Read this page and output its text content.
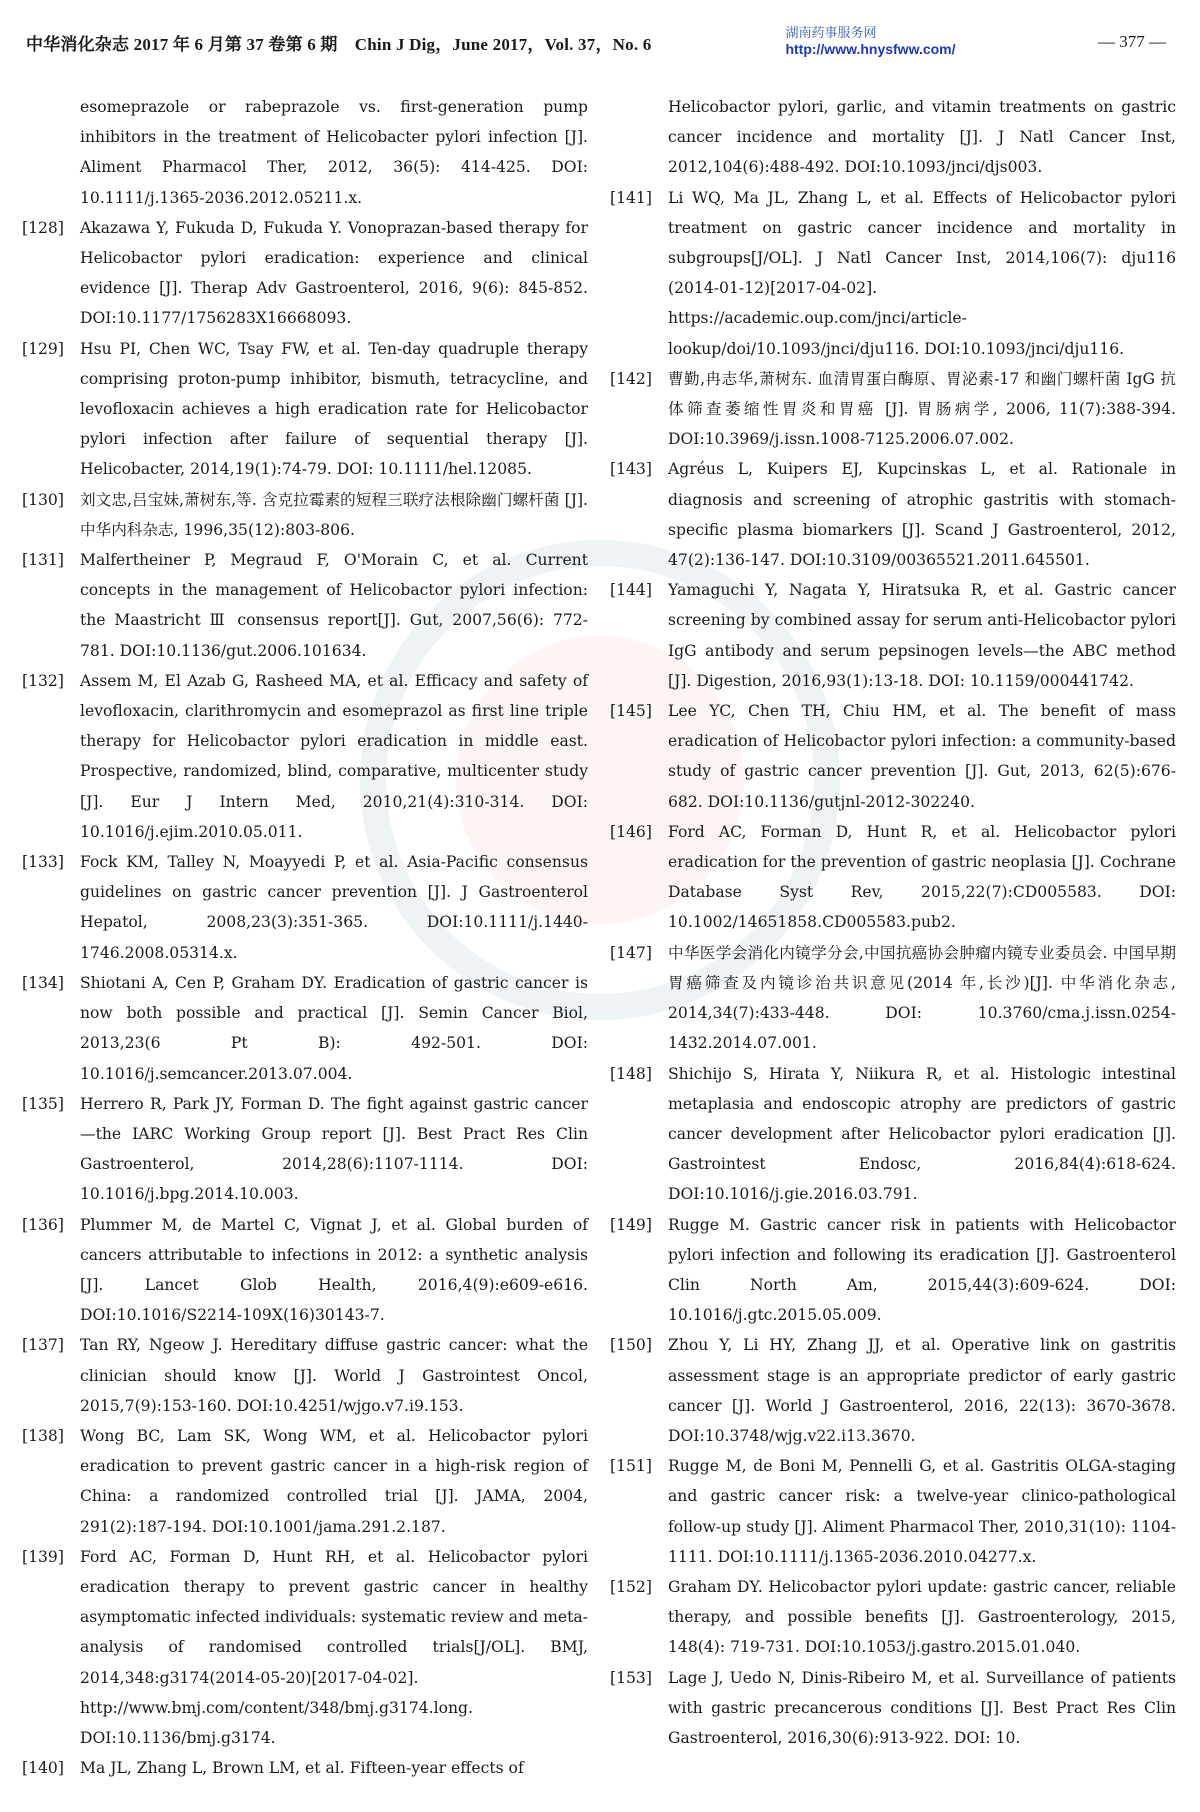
中华消化杂志 2017 年 6 月第 37 卷第 6 期　Chin J Dig，June 2017，Vol. 37，No. 6
湖南药事服务网
http://www.hnysfww.com/	— 377 —
esomeprazole or rabeprazole vs. first-generation pump inhibitors in the treatment of Helicobacter pylori infection [J]. Aliment Pharmacol Ther, 2012, 36(5): 414-425. DOI: 10.1111/j.1365-2036.2012.05211.x.
[128]	Akazawa Y, Fukuda D, Fukuda Y. Vonoprazan-based therapy for Helicobactor pylori eradication: experience and clinical evidence [J]. Therap Adv Gastroenterol, 2016, 9(6): 845-852. DOI:10.1177/1756283X16668093.
[129]	Hsu PI, Chen WC, Tsay FW, et al. Ten-day quadruple therapy comprising proton-pump inhibitor, bismuth, tetracycline, and levofloxacin achieves a high eradication rate for Helicobactor pylori infection after failure of sequential therapy [J]. Helicobacter, 2014,19(1):74-79. DOI: 10.1111/hel.12085.
[130]	刘文忠,吕宝妹,萧树东,等. 含克拉霉素的短程三联疗法根除幽门螺杆菌 [J]. 中华内科杂志, 1996,35(12):803-806.
[131]	Malfertheiner P, Megraud F, O'Morain C, et al. Current concepts in the management of Helicobactor pylori infection: the Maastricht Ⅲ consensus report[J]. Gut, 2007,56(6): 772-781. DOI:10.1136/gut.2006.101634.
[132]	Assem M, El Azab G, Rasheed MA, et al. Efficacy and safety of levofloxacin, clarithromycin and esomeprazol as first line triple therapy for Helicobactor pylori eradication in middle east. Prospective, randomized, blind, comparative, multicenter study [J]. Eur J Intern Med, 2010,21(4):310-314. DOI: 10.1016/j.ejim.2010.05.011.
[133]	Fock KM, Talley N, Moayyedi P, et al. Asia-Pacific consensus guidelines on gastric cancer prevention [J]. J Gastroenterol Hepatol, 2008,23(3):351-365. DOI:10.1111/j.1440-1746.2008.05314.x.
[134]	Shiotani A, Cen P, Graham DY. Eradication of gastric cancer is now both possible and practical [J]. Semin Cancer Biol, 2013,23(6 Pt B): 492-501. DOI: 10.1016/j.semcancer.2013.07.004.
[135]	Herrero R, Park JY, Forman D. The fight against gastric cancer—the IARC Working Group report [J]. Best Pract Res Clin Gastroenterol, 2014,28(6):1107-1114. DOI: 10.1016/j.bpg.2014.10.003.
[136]	Plummer M, de Martel C, Vignat J, et al. Global burden of cancers attributable to infections in 2012: a synthetic analysis [J]. Lancet Glob Health, 2016,4(9):e609-e616. DOI:10.1016/S2214-109X(16)30143-7.
[137]	Tan RY, Ngeow J. Hereditary diffuse gastric cancer: what the clinician should know [J]. World J Gastrointest Oncol, 2015,7(9):153-160. DOI:10.4251/wjgo.v7.i9.153.
[138]	Wong BC, Lam SK, Wong WM, et al. Helicobactor pylori eradication to prevent gastric cancer in a high-risk region of China: a randomized controlled trial [J]. JAMA, 2004, 291(2):187-194. DOI:10.1001/jama.291.2.187.
[139]	Ford AC, Forman D, Hunt RH, et al. Helicobactor pylori eradication therapy to prevent gastric cancer in healthy asymptomatic infected individuals: systematic review and meta-analysis of randomised controlled trials[J/OL]. BMJ, 2014,348:g3174(2014-05-20)[2017-04-02]. http://www.bmj.com/content/348/bmj.g3174.long. DOI:10.1136/bmj.g3174.
[140]	Ma JL, Zhang L, Brown LM, et al. Fifteen-year effects of
Helicobactor pylori, garlic, and vitamin treatments on gastric cancer incidence and mortality [J]. J Natl Cancer Inst, 2012,104(6):488-492. DOI:10.1093/jnci/djs003.
[141]	Li WQ, Ma JL, Zhang L, et al. Effects of Helicobactor pylori treatment on gastric cancer incidence and mortality in subgroups[J/OL]. J Natl Cancer Inst, 2014,106(7): dju116 (2014-01-12)[2017-04-02]. https://academic.oup.com/jnci/article-lookup/doi/10.1093/jnci/dju116. DOI:10.1093/jnci/dju116.
[142]	曹勤,冉志华,萧树东. 血清胃蛋白酶原、胃泌素-17 和幽门螺杆菌 IgG 抗体筛查萎缩性胃炎和胃癌 [J]. 胃肠病学, 2006, 11(7):388-394. DOI:10.3969/j.issn.1008-7125.2006.07.002.
[143]	Agréus L, Kuipers EJ, Kupcinskas L, et al. Rationale in diagnosis and screening of atrophic gastritis with stomach-specific plasma biomarkers [J]. Scand J Gastroenterol, 2012, 47(2):136-147. DOI:10.3109/00365521.2011.645501.
[144]	Yamaguchi Y, Nagata Y, Hiratsuka R, et al. Gastric cancer screening by combined assay for serum anti-Helicobactor pylori IgG antibody and serum pepsinogen levels—the ABC method [J]. Digestion, 2016,93(1):13-18. DOI: 10.1159/000441742.
[145]	Lee YC, Chen TH, Chiu HM, et al. The benefit of mass eradication of Helicobactor pylori infection: a community-based study of gastric cancer prevention [J]. Gut, 2013, 62(5):676-682. DOI:10.1136/gutjnl-2012-302240.
[146]	Ford AC, Forman D, Hunt R, et al. Helicobactor pylori eradication for the prevention of gastric neoplasia [J]. Cochrane Database Syst Rev, 2015,22(7):CD005583. DOI: 10.1002/14651858.CD005583.pub2.
[147]	中华医学会消化内镜学分会,中国抗癌协会肿瘤内镜专业委员会. 中国早期胃癌筛查及内镜诊治共识意见(2014 年,长沙)[J]. 中华消化杂志, 2014,34(7):433-448. DOI: 10.3760/cma.j.issn.0254-1432.2014.07.001.
[148]	Shichijo S, Hirata Y, Niikura R, et al. Histologic intestinal metaplasia and endoscopic atrophy are predictors of gastric cancer development after Helicobactor pylori eradication [J]. Gastrointest Endosc, 2016,84(4):618-624. DOI:10.1016/j.gie.2016.03.791.
[149]	Rugge M. Gastric cancer risk in patients with Helicobactor pylori infection and following its eradication [J]. Gastroenterol Clin North Am, 2015,44(3):609-624. DOI: 10.1016/j.gtc.2015.05.009.
[150]	Zhou Y, Li HY, Zhang JJ, et al. Operative link on gastritis assessment stage is an appropriate predictor of early gastric cancer [J]. World J Gastroenterol, 2016, 22(13): 3670-3678. DOI:10.3748/wjg.v22.i13.3670.
[151]	Rugge M, de Boni M, Pennelli G, et al. Gastritis OLGA-staging and gastric cancer risk: a twelve-year clinico-pathological follow-up study [J]. Aliment Pharmacol Ther, 2010,31(10): 1104-1111. DOI:10.1111/j.1365-2036.2010.04277.x.
[152]	Graham DY. Helicobactor pylori update: gastric cancer, reliable therapy, and possible benefits [J]. Gastroenterology, 2015, 148(4): 719-731. DOI:10.1053/j.gastro.2015.01.040.
[153]	Lage J, Uedo N, Dinis-Ribeiro M, et al. Surveillance of patients with gastric precancerous conditions [J]. Best Pract Res Clin Gastroenterol, 2016,30(6):913-922. DOI: 10.
